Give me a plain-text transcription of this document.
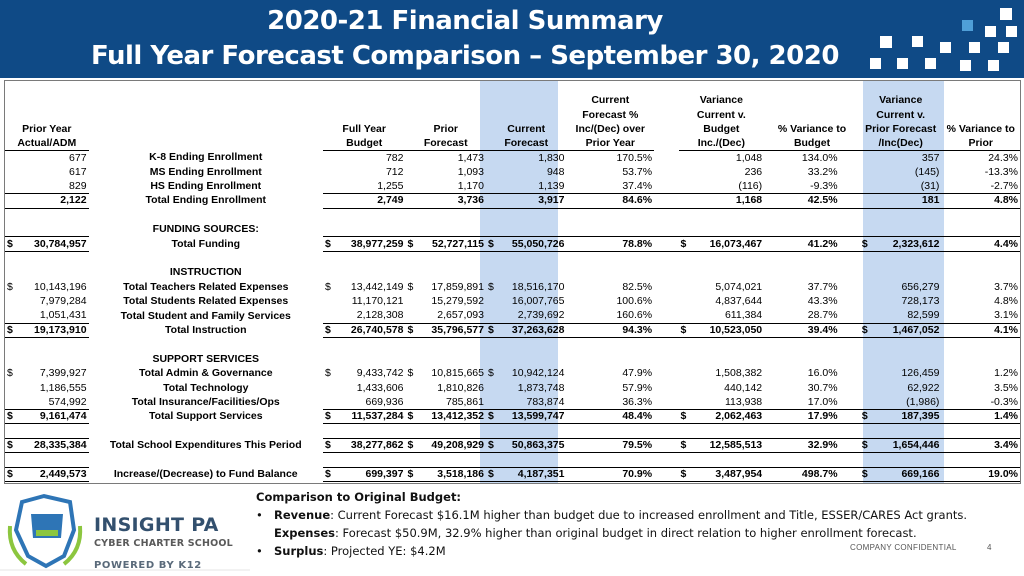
2020-21 Financial Summary
Full Year Forecast Comparison – September 30, 2020
					Current		Variance			Variance	
					Forecast %		Current v.			Current v.	
Prior Year		Full Year	Prior	Current	Inc/(Dec) over		Budget	% Variance to		Prior Forecast	% Variance to
Actual/ADM		Budget	Forecast	Forecast	Prior Year		Inc./(Dec)	Budget		/Inc(Dec)	Prior
677	K-8 Ending Enrollment	782	1,473	1,830	170.5%		1,048	134.0%		357	24.3%
617	MS Ending Enrollment	712	1,093	948	53.7%		236	33.2%		(145)	-13.3%
829	HS Ending Enrollment	1,255	1,170	1,139	37.4%		(116)	-9.3%		(31)	-2.7%
2,122	Total Ending Enrollment	2,749	3,736	3,917	84.6%		1,168	42.5%		181	4.8%

	FUNDING SOURCES:										

$ 30,784,957	Total Funding	$ 38,977,259	$ 52,727,115	$ 55,050,726	78.8%		$ 16,073,467	41.2%		$ 2,323,612	4.4%

	INSTRUCTION										

$ 10,143,196	Total Teachers Related Expenses	$ 13,442,149	$ 17,859,891	$ 18,516,170	82.5%		5,074,021	37.7%		656,279	3.7%
7,979,284	Total Students Related Expenses	11,170,121	15,279,592	16,007,765	100.6%		4,837,644	43.3%		728,173	4.8%
1,051,431	Total Student and Family Services	2,128,308	2,657,093	2,739,692	160.6%		611,384	28.7%		82,599	3.1%

$ 19,173,910	Total Instruction	$ 26,740,578	$ 35,796,577	$ 37,263,628	94.3%		$ 10,523,050	39.4%		$ 1,467,052	4.1%

	SUPPORT SERVICES										

$ 7,399,927	Total Admin & Governance	$ 9,433,742	$ 10,815,665	$ 10,942,124	47.9%		1,508,382	16.0%		126,459	1.2%
1,186,555	Total Technology	1,433,606	1,810,826	1,873,748	57.9%		440,142	30.7%		62,922	3.5%
574,992	Total Insurance/Facilities/Ops	669,936	785,861	783,874	36.3%		113,938	17.0%		(1,986)	-0.3%

$ 9,161,474	Total Support Services	$ 11,537,284	$ 13,412,352	$ 13,599,747	48.4%		$ 2,062,463	17.9%		$ 187,395	1.4%

$ 28,335,384	Total School Expenditures This Period	$ 38,277,862	$ 49,208,929	$ 50,863,375	79.5%		$ 12,585,513	32.9%		$ 1,654,446	3.4%

$ 2,449,573	Increase/(Decrease) to Fund Balance	$ 699,397	$ 3,518,186	$ 4,187,351	70.9%		$ 3,487,954	498.7%		$ 669,166	19.0%
INSIGHT PA
CYBER CHARTER SCHOOL
POWERED BY K12
Comparison to Original Budget:
• Revenue: Current Forecast $16.1M higher than budget due to increased enrollment and Title, ESSER/CARES Act grants.
Expenses: Forecast $50.9M, 32.9% higher than original budget in direct relation to higher enrollment forecast.
• Surplus: Projected YE: $4.2M	COMPANY CONFIDENTIAL	4
